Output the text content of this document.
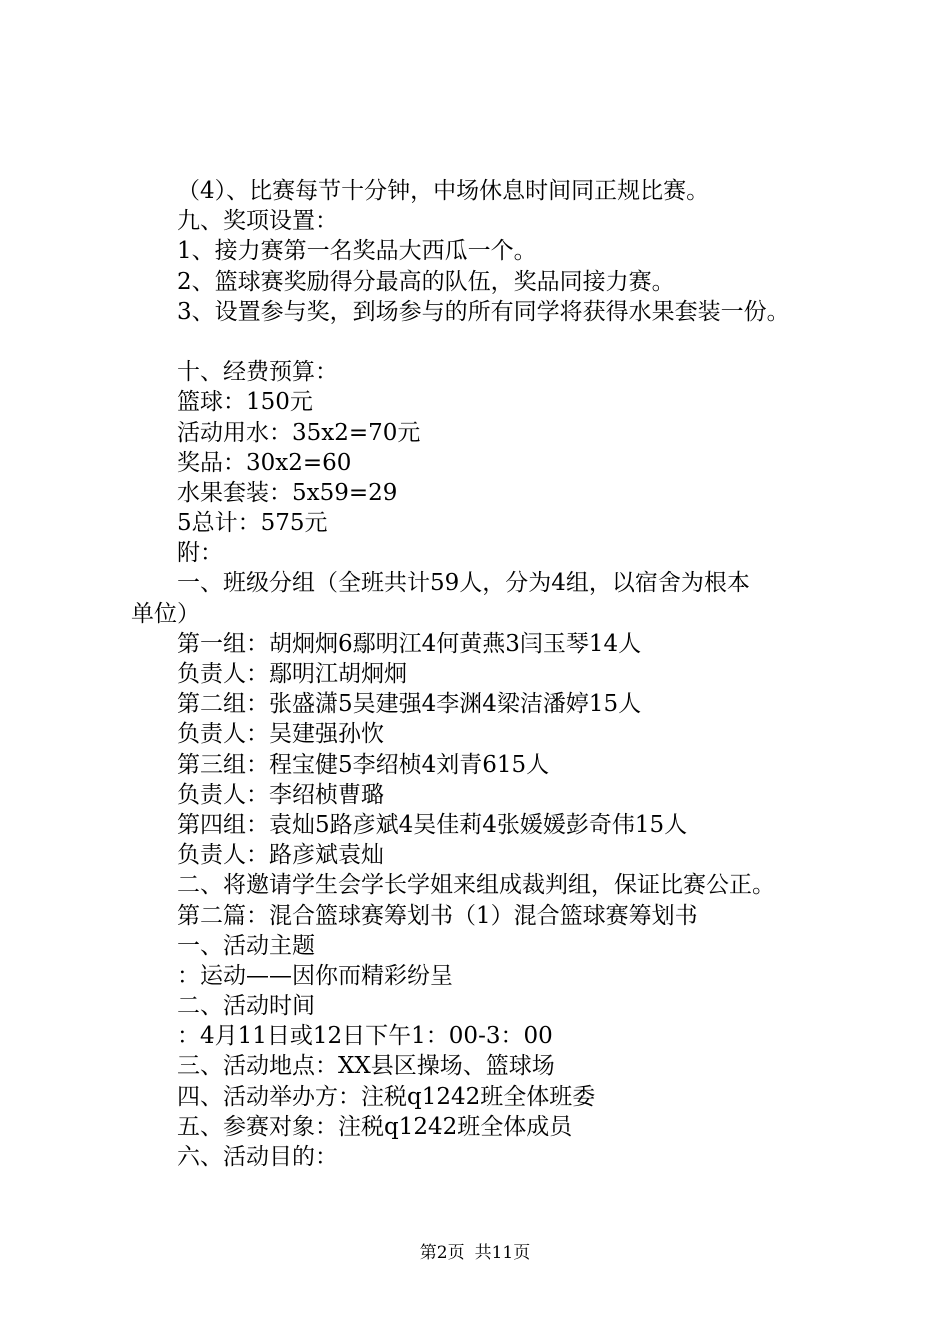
（4）、比赛每节十分钟，中场休息时间同正规比赛。
九、奖项设置：
1、接力赛第一名奖品大西瓜一个。
2、篮球赛奖励得分最高的队伍，奖品同接力赛。
3、设置参与奖，到场参与的所有同学将获得水果套装一份。
十、经费预算：
篮球：150元
活动用水：35x2=70元
奖品：30x2=60
水果套装：5x59=29
5总计：575元
附：
一、班级分组（全班共计59人，分为4组，以宿舍为根本
单位）
第一组：胡炯炯6鄢明江4何黄燕3闫玉琴14人
负责人：鄢明江胡炯炯
第二组：张盛潇5吴建强4李渊4梁洁潘婷15人
负责人：吴建强孙忺
第三组：程宝健5李绍桢4刘青615人
负责人：李绍桢曹璐
第四组：袁灿5路彦斌4吴佳莉4张媛媛彭奇伟15人
负责人：路彦斌袁灿
二、将邀请学生会学长学姐来组成裁判组，保证比赛公正。
第二篇：混合篮球赛筹划书（1）混合篮球赛筹划书
一、活动主题
：运动——因你而精彩纷呈
二、活动时间
：4月11日或12日下午1：00-3：00
三、活动地点：XX县区操场、篮球场
四、活动举办方：注税q1242班全体班委
五、参赛对象：注税q1242班全体成员
六、活动目的：
第2页 共11页
